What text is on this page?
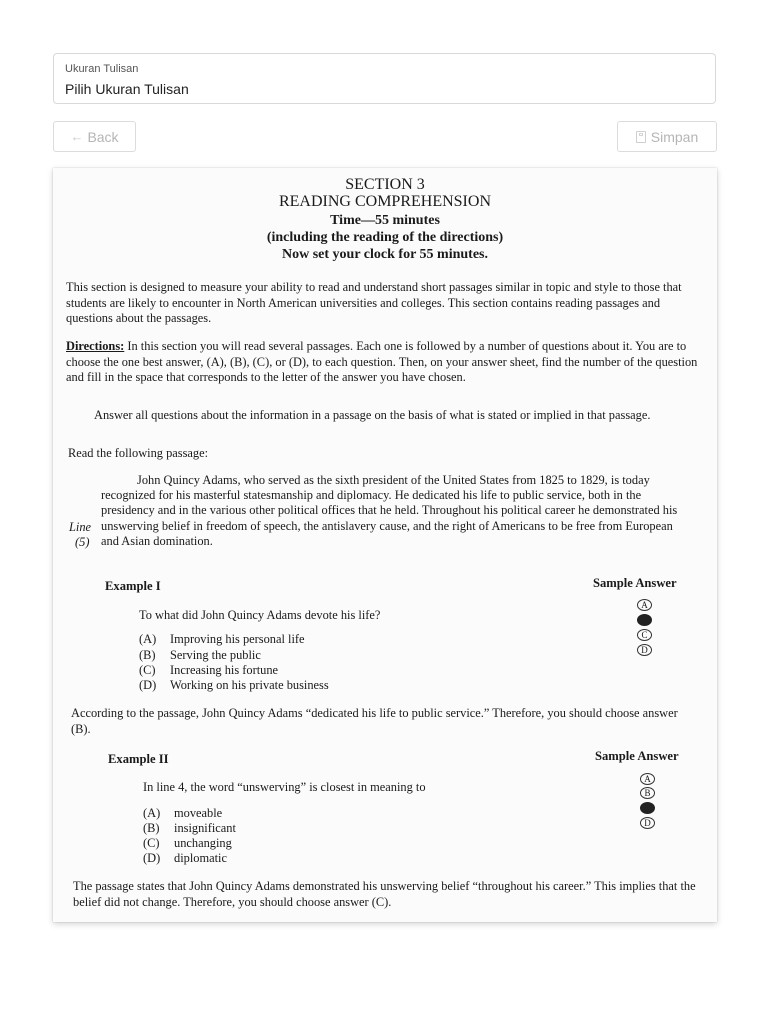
Ukuran Tulisan
Pilih Ukuran Tulisan
← Back	Simpan
SECTION 3
READING COMPREHENSION
Time—55 minutes
(including the reading of the directions)
Now set your clock for 55 minutes.

This section is designed to measure your ability to read and understand short passages similar in topic and style to those that students are likely to encounter in North American universities and colleges. This section contains reading passages and questions about the passages.

Directions: In this section you will read several passages. Each one is followed by a number of questions about it. You are to choose the one best answer, (A), (B), (C), or (D), to each question. Then, on your answer sheet, find the number of the question and fill in the space that corresponds to the letter of the answer you have chosen.

Answer all questions about the information in a passage on the basis of what is stated or implied in that passage.

Read the following passage:

John Quincy Adams, who served as the sixth president of the United States from 1825 to 1829, is today recognized for his masterful statesmanship and diplomacy. He dedicated his life to public service, both in the presidency and in the various other political offices that he held. Throughout his political career he demonstrated his unswerving belief in freedom of speech, the antislavery cause, and the right of Americans to be free from European and Asian domination.

Line
(5)
Example I	Sample Answer
To what did John Quincy Adams devote his life?
(A) Improving his personal life
(B) Serving the public
(C) Increasing his fortune
(D) Working on his private business
A
C
D

According to the passage, John Quincy Adams “dedicated his life to public service.” Therefore, you should choose answer (B).

Example II	Sample Answer
In line 4, the word “unswerving” is closest in meaning to
(A) moveable
(B) insignificant
(C) unchanging
(D) diplomatic
A
B
D

The passage states that John Quincy Adams demonstrated his unswerving belief “throughout his career.” This implies that the belief did not change. Therefore, you should choose answer (C).
